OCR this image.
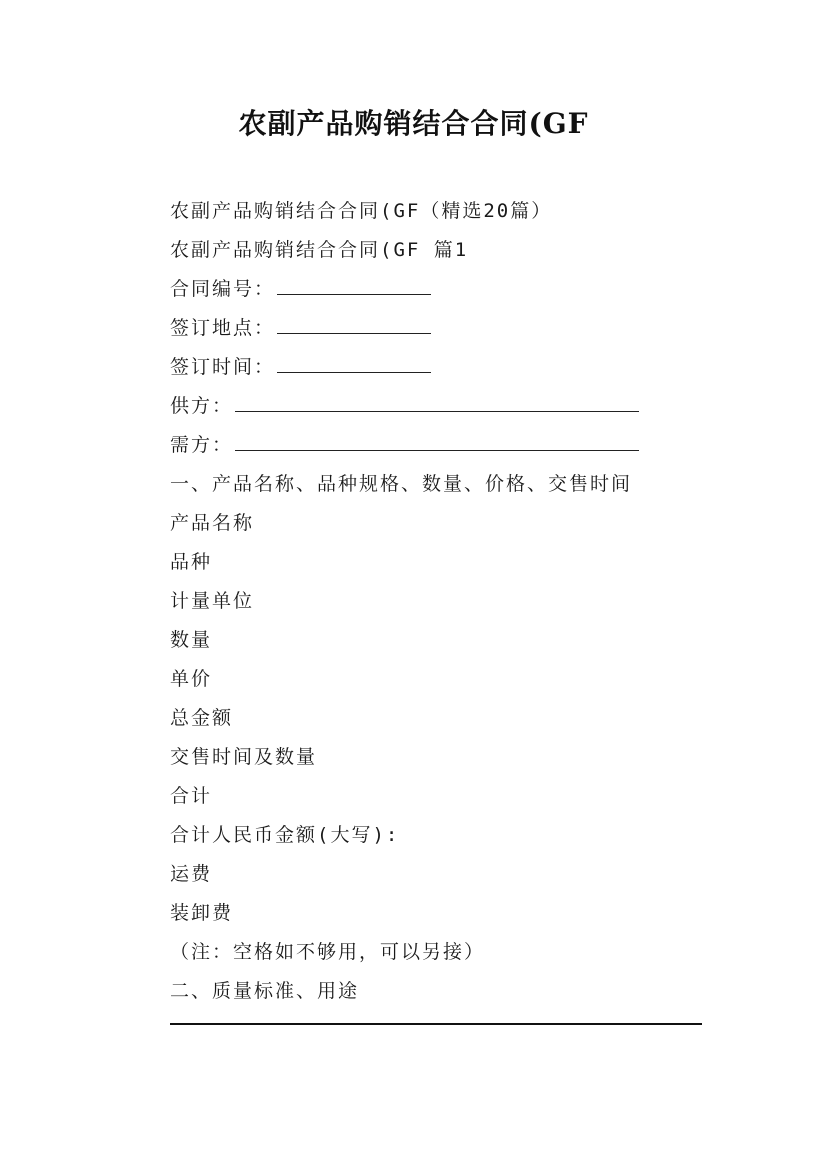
农副产品购销结合合同(GF
农副产品购销结合合同(GF（精选20篇）
农副产品购销结合合同(GF 篇1
合同编号：
签订地点：
签订时间：
供方：
需方：
一、产品名称、品种规格、数量、价格、交售时间
产品名称
品种
计量单位
数量
单价
总金额
交售时间及数量
合计
合计人民币金额(大写):
运费
装卸费
（注：空格如不够用，可以另接）
二、质量标准、用途
